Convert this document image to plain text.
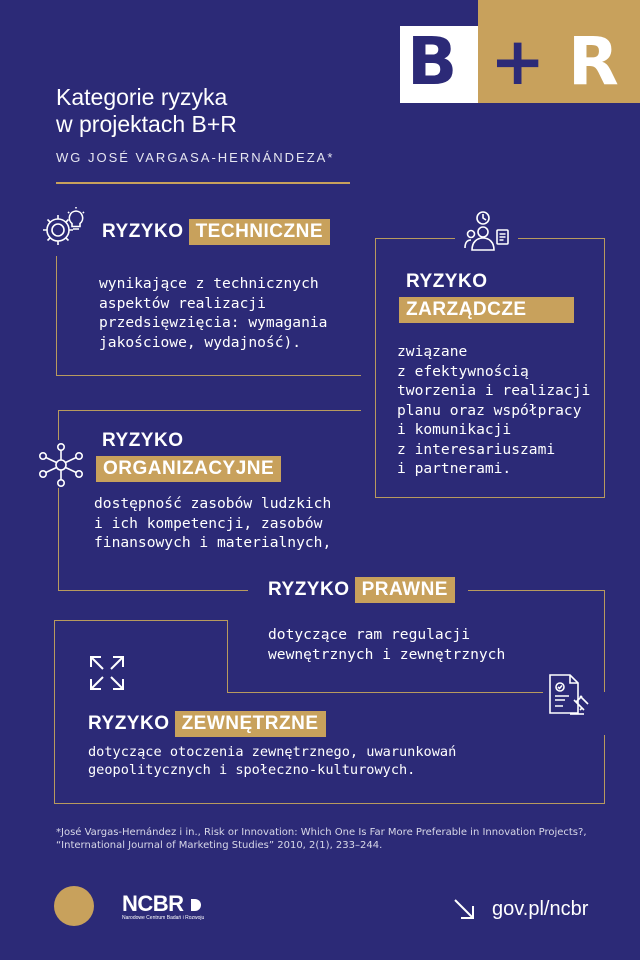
B + R
Kategorie ryzyka
w projektach B+R
WG JOSÉ VARGASA-HERNÁNDEZA*
RYZYKO TECHNICZNE
wynikające z technicznych
aspektów realizacji
przedsięwzięcia: wymagania
jakościowe, wydajność).
RYZYKO
ZARZĄDCZE
związane
z efektywnością
tworzenia i realizacji
planu oraz współpracy
i komunikacji
z interesariuszami
i partnerami.
RYZYKO
ORGANIZACYJNE
dostępność zasobów ludzkich
i ich kompetencji, zasobów
finansowych i materialnych,
RYZYKO PRAWNE
dotyczące ram regulacji
wewnętrznych i zewnętrznych
RYZYKO ZEWNĘTRZNE
dotyczące otoczenia zewnętrznego, uwarunkowań
geopolitycznych i społeczno-kulturowych.
*José Vargas-Hernández i in., Risk or Innovation: Which One Is Far More Preferable in Innovation Projects?, “International Journal of Marketing Studies” 2010, 2(1), 233–244.
NCBR
Narodowe Centrum Badań i Rozwoju	gov.pl/ncbr
